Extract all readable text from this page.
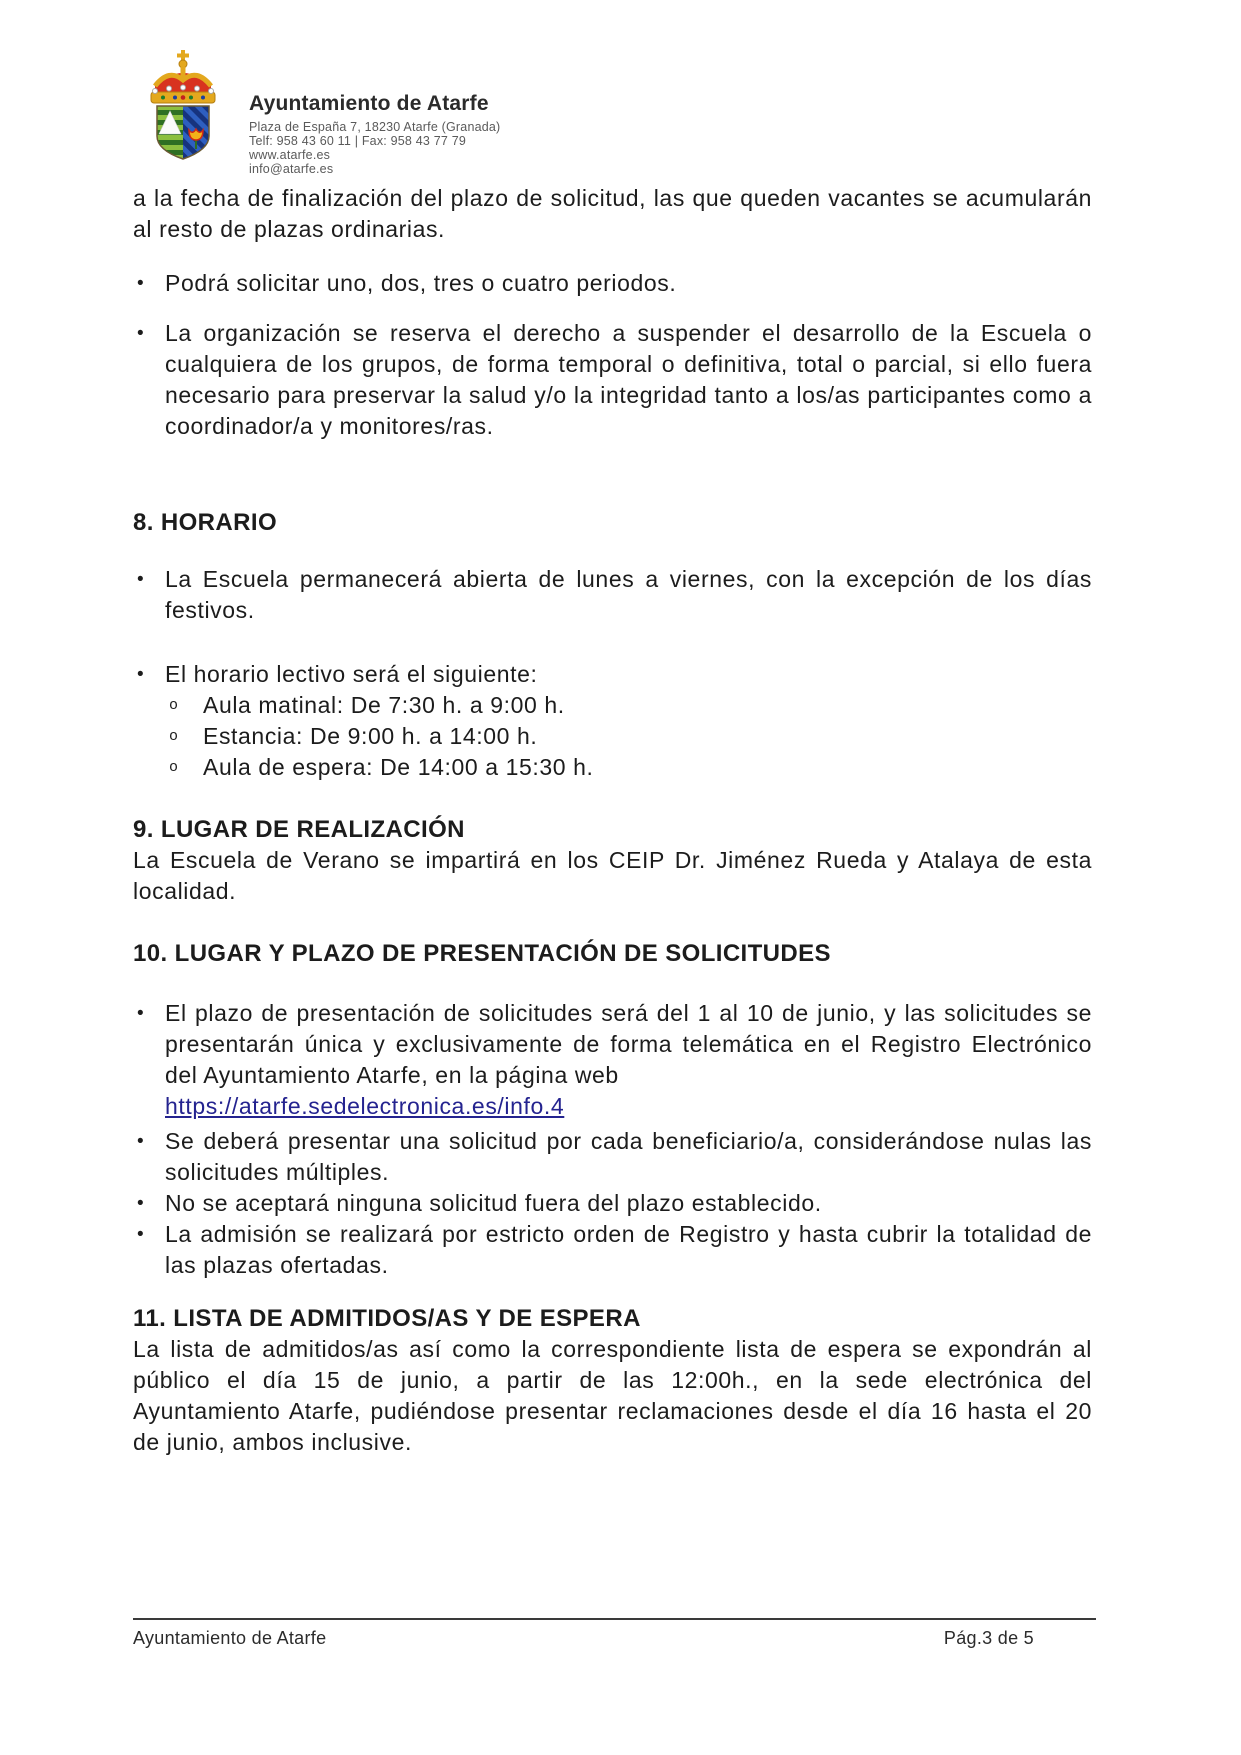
Ayuntamiento de Atarfe
Plaza de España 7, 18230 Atarfe (Granada)
Telf: 958 43 60 11 | Fax: 958 43 77 79
www.atarfe.es
info@atarfe.es

a la fecha de finalización del plazo de solicitud, las que queden vacantes se acumularán al resto de plazas ordinarias.

• Podrá solicitar uno, dos, tres o cuatro periodos.
• La organización se reserva el derecho a suspender el desarrollo de la Escuela o cualquiera de los grupos, de forma temporal o definitiva, total o parcial, si ello fuera necesario para preservar la salud y/o la integridad tanto a los/as participantes como a coordinador/a y monitores/ras.
8. HORARIO
• La Escuela permanecerá abierta de lunes a viernes, con la excepción de los días festivos.
• El horario lectivo será el siguiente:
o	Aula matinal: De 7:30 h. a 9:00 h.
o	Estancia: De 9:00 h. a 14:00 h.
o	Aula de espera: De 14:00 a 15:30 h.
9. LUGAR DE REALIZACIÓN

La Escuela de Verano se impartirá en los CEIP Dr. Jiménez Rueda y Atalaya de esta localidad.

10. LUGAR Y PLAZO DE PRESENTACIÓN DE SOLICITUDES
• El plazo de presentación de solicitudes será del 1 al 10 de junio, y las solicitudes se presentarán única y exclusivamente de forma telemática en el Registro Electrónico del Ayuntamiento Atarfe, en la página web
https://atarfe.sedelectronica.es/info.4
• Se deberá presentar una solicitud por cada beneficiario/a, considerándose nulas las solicitudes múltiples.
• No se aceptará ninguna solicitud fuera del plazo establecido.
• La admisión se realizará por estricto orden de Registro y hasta cubrir la totalidad de las plazas ofertadas.
11. LISTA DE ADMITIDOS/AS Y DE ESPERA

La lista de admitidos/as así como la correspondiente lista de espera se expondrán al público el día 15 de junio, a partir de las 12:00h., en la sede electrónica del Ayuntamiento Atarfe, pudiéndose presentar reclamaciones desde el día 16 hasta el 20 de junio, ambos inclusive.

Ayuntamiento de Atarfe	Pág.3 de 5
